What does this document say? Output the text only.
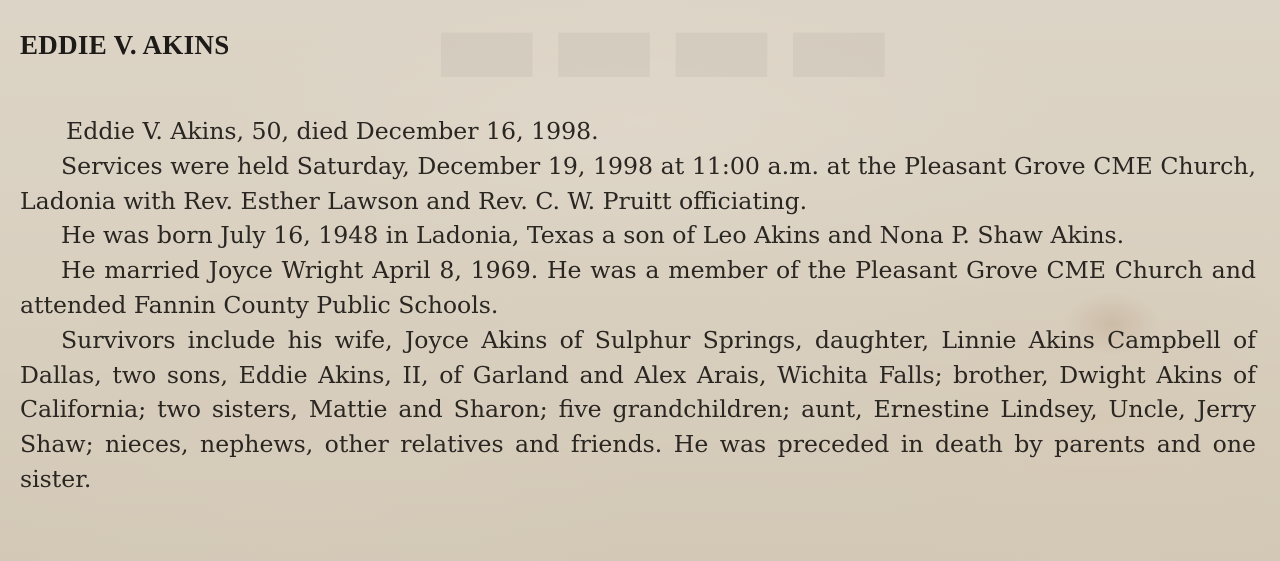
▬▬▬▬
EDDIE V. AKINS

Eddie V. Akins, 50, died December 16, 1998.

Services were held Saturday, December 19, 1998 at 11:00 a.m. at the Pleasant Grove CME Church, Ladonia with Rev. Esther Lawson and Rev. C. W. Pruitt officiating.

He was born July 16, 1948 in Ladonia, Texas a son of Leo Akins and Nona P. Shaw Akins.

He married Joyce Wright April 8, 1969. He was a member of the Pleasant Grove CME Church and attended Fannin County Public Schools.

Survivors include his wife, Joyce Akins of Sulphur Springs, daughter, Linnie Akins Campbell of Dallas, two sons, Eddie Akins, II, of Garland and Alex Arais, Wichita Falls; brother, Dwight Akins of California; two sisters, Mattie and Sharon; five grandchildren; aunt, Ernestine Lindsey, Uncle, Jerry Shaw; nieces, nephews, other relatives and friends. He was preceded in death by parents and one sister.
